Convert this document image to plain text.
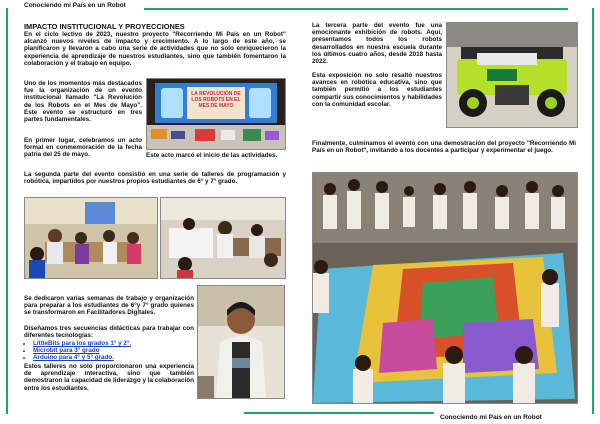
Conociendo mi País en un Robot
Conociendo mi País en un Robot
IMPACTO INSTITUCIONAL Y PROYECCIONES
En el ciclo lectivo de 2023, nuestro proyecto "Recorriendo Mi País en un Robot" alcanzó nuevos niveles de impacto y crecimiento. A lo largo de este año, se planificaron y llevaron a cabo una serie de actividades que no solo enriquecieron la experiencia de aprendizaje de nuestros estudiantes, sino que también fomentaron la colaboración y el trabajo en equipo.
Uno de los momentos más destacados fue la organización de un evento institucional llamado "La Revolución de los Robots en el Mes de Mayo". Este evento se estructuró en tres partes fundamentales.
LA REVOLUCIÓN DE LOS ROBOTS EN EL MES DE MAYO
En primer lugar, celebramos un acto formal en conmemoración de la fecha patria del 25 de mayo.	Este acto marcó el inicio de las actividades.
La segunda parte del evento consistió en una serie de talleres de programación y robótica, impartidos por nuestros propios estudiantes de 6° y 7° grado.
Se dedicaron varias semanas de trabajo y organización para preparar a los estudiantes de 6°y 7° grado quienes se transformaron en Facilitadores Digitales.
Diseñamos tres secuencias didácticas para trabajar con diferentes tecnologías:
• LittleBits para los grados 1° y 2°.
• Microbit para 3° grado
• Arduino para 4° y 5° grado.
Estos talleres no solo proporcionaron una experiencia de aprendizaje interactiva, sino que también demostraron la capacidad de liderazgo y la colaboración entre los estudiantes.
La tercera parte del evento fue una emocionante exhibición de robots. Aquí, presentamos todos los robots desarrollados en nuestra escuela durante los últimos cuatro años, desde 2018 hasta 2022.
Esta exposición no solo resaltó nuestros avances en robótica educativa, sino que también permitió a los estudiantes compartir sus conocimientos y habilidades con la comunidad escolar.
Finalmente, culminamos el evento con una demostración del proyecto "Recorriendo Mi País en un Robot", invitando a los docentes a participar y experimentar el juego.
